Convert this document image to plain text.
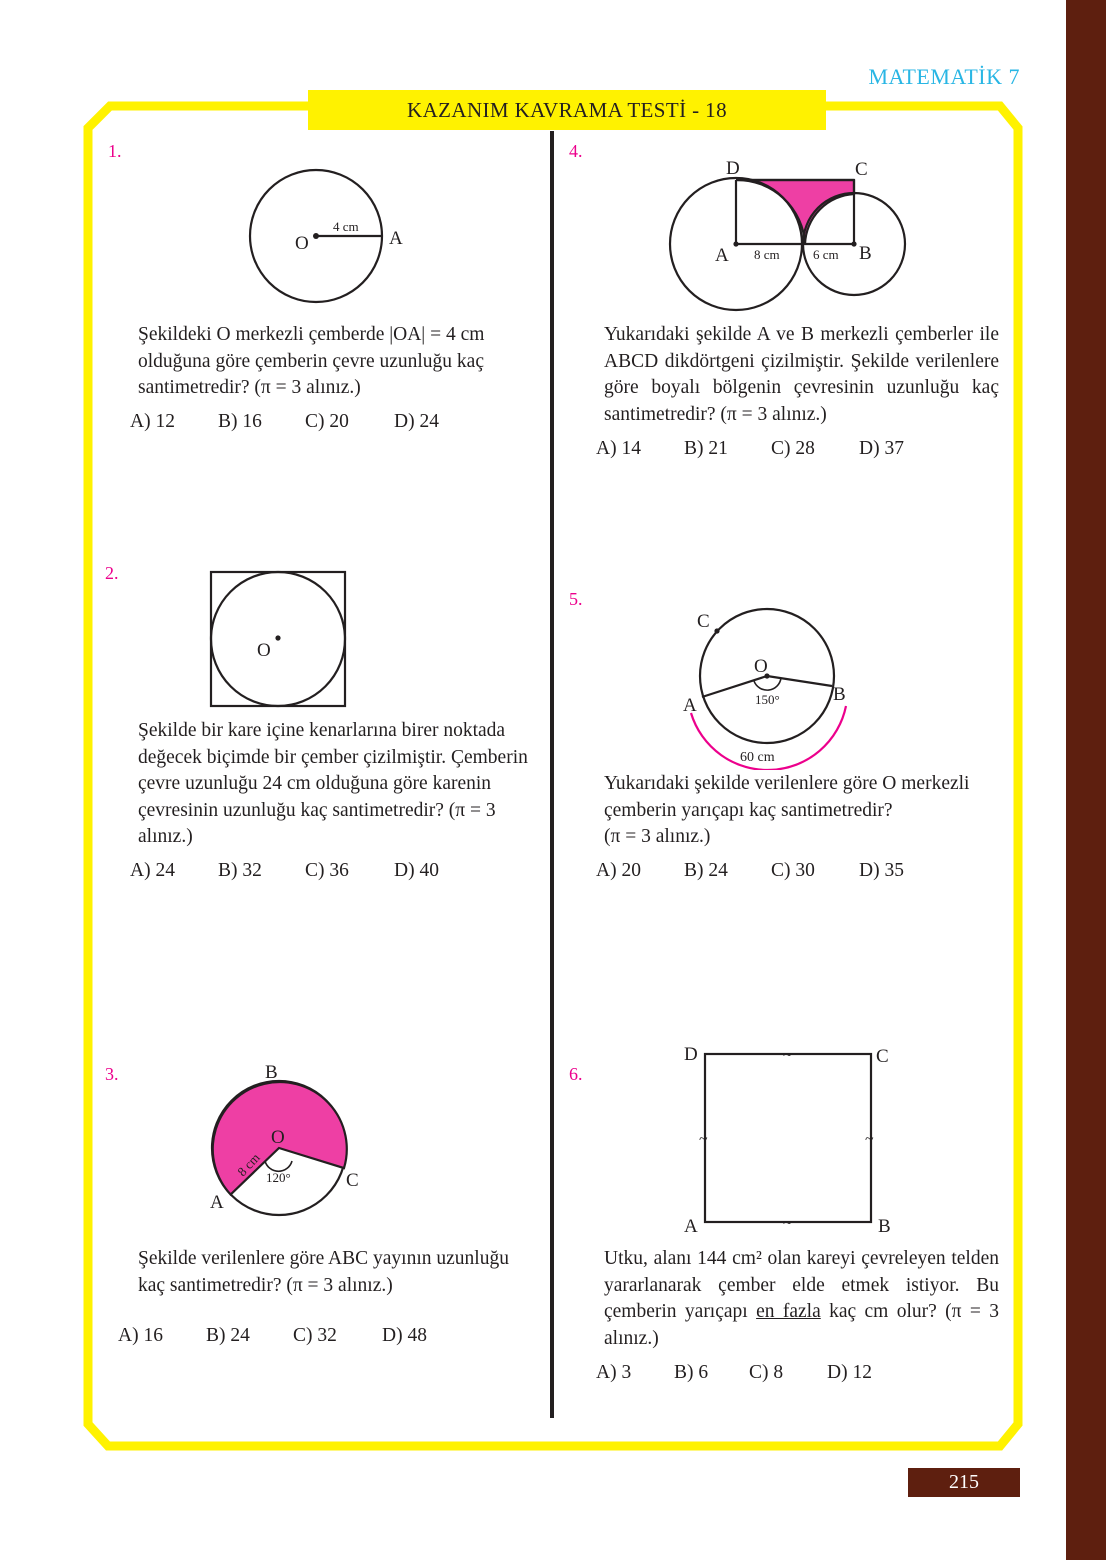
MATEMATİK 7
KAZANIM KAVRAMA TESTİ - 18
1.
O	A
4 cm
Şekildeki O merkezli çemberde |OA| = 4 cm olduğuna göre çemberin çevre uzunluğu kaç santimetredir? (π = 3 alınız.)
A) 12 B) 16 C) 20 D) 24
2.
O
Şekilde bir kare içine kenarlarına birer noktada değecek biçimde bir çember çizilmiştir. Çemberin çevre uzunluğu 24 cm olduğuna göre karenin çevresinin uzunluğu kaç santimetredir? (π = 3 alınız.)
A) 24 B) 32 C) 36 D) 40
3.	B
O
C
A
120°
8 cm
Şekilde verilenlere göre ABC yayının uzunluğu kaç santimetredir? (π = 3 alınız.)
A) 16 B) 24 C) 32 D) 48
4.
D	C
A	B
8 cm	6 cm
Yukarıdaki şekilde A ve B merkezli çemberler ile ABCD dikdörtgeni çizilmiştir. Şekilde verilenlere göre boyalı bölgenin çevresinin uzunluğu kaç santimetredir? (π = 3 alınız.)
A) 14 B) 21 C) 28 D) 37
5.
C
O
B
A	150°
60 cm
Yukarıdaki şekilde verilenlere göre O merkezli
çemberin yarıçapı kaç santimetredir?
(π = 3 alınız.)
A) 20 B) 24 C) 30 D) 35
6.
D	C
A	B
~
~
~	~
Utku, alanı 144 cm² olan kareyi çevreleyen telden yararlanarak çember elde etmek istiyor. Bu çemberin yarıçapı en fazla kaç cm olur? (π = 3 alınız.)
A) 3 B) 6 C) 8 D) 12
215
